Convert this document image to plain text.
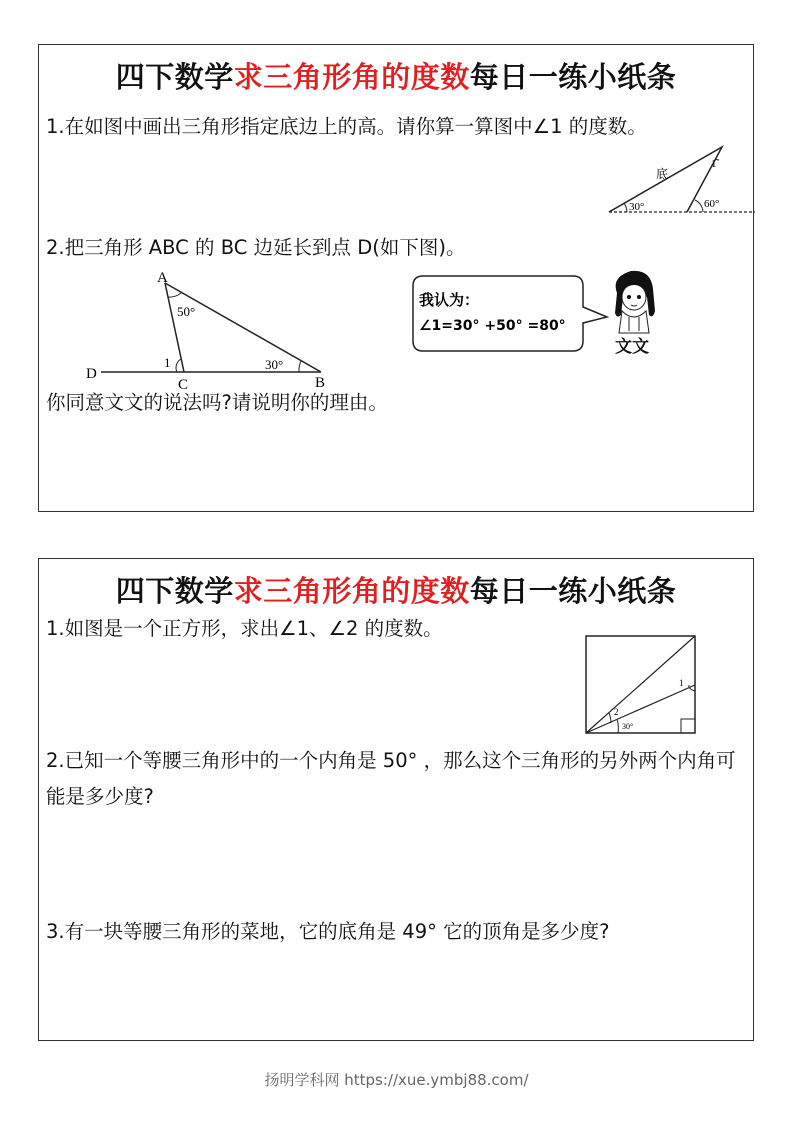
四下数学求三角形角的度数每日一练小纸条
1.在如图中画出三角形指定底边上的高。请你算一算图中∠1 的度数。
底
1
30°	60°
2.把三角形 ABC 的 BC 边延长到点 D(如下图)。
A
B
C
D
50°
30°
1
我认为：
∠1=30° +50° =80°
文文
你同意文文的说法吗?请说明你的理由。
四下数学求三角形角的度数每日一练小纸条
1.如图是一个正方形，求出∠1、∠2 的度数。
1
2
30°
2.已知一个等腰三角形中的一个内角是 50° ，那么这个三角形的另外两个内角可能是多少度?
3.有一块等腰三角形的菜地，它的底角是 49° 它的顶角是多少度?
扬明学科网 https://xue.ymbj88.com/
